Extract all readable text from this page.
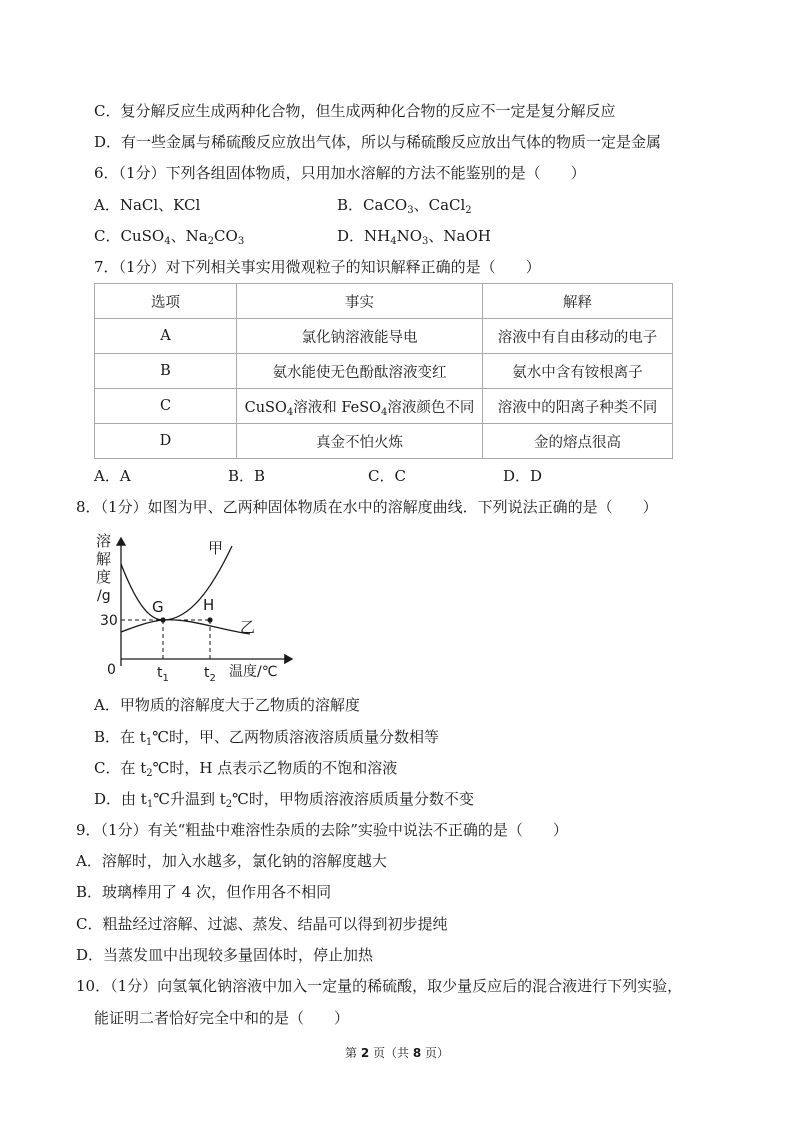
C．复分解反应生成两种化合物，但生成两种化合物的反应不一定是复分解反应
D．有一些金属与稀硫酸反应放出气体，所以与稀硫酸反应放出气体的物质一定是金属
6．（1分）下列各组固体物质，只用加水溶解的方法不能鉴别的是（　　）
A．NaCl、KCl	B．CaCO$_3$、CaCl$_2$
C．CuSO$_4$、$Na_2CO_3$	D．$NH_4NO_3$、NaOH
7．（1分）对下列相关事实用微观粒子的知识解释正确的是（　　）
选项	事实	解释
A	氯化钠溶液能导电	溶液中有自由移动的电子
B	氨水能使无色酚酞溶液变红	氨水中含有铵根离子
C	CuSO$_4$溶液和 FeSO$_4$溶液颜色不同	溶液中的阳离子种类不同
D	真金不怕火炼	金的熔点很高
A．A	B．B	C．C	D．D
8．（1分）如图为甲、乙两种固体物质在水中的溶解度曲线．下列说法正确的是（　　）
溶
解
度
/g
30
0
G	H
甲
乙
$t_1$	$t_2$ 温度/℃
A．甲物质的溶解度大于乙物质的溶解度
B．在 $t_1℃$时，甲、乙两物质溶液溶质质量分数相等
C．在 $t_2℃$时，H 点表示乙物质的不饱和溶液
D．由 $t_1℃$升温到 $t_2℃$时，甲物质溶液溶质质量分数不变
9．（1分）有关“粗盐中难溶性杂质的去除”实验中说法不正确的是（　　）
A．溶解时，加入水越多，氯化钠的溶解度越大
B．玻璃棒用了 4 次，但作用各不相同
C．粗盐经过溶解、过滤、蒸发、结晶可以得到初步提纯
D．当蒸发皿中出现较多量固体时，停止加热
10．（1分）向氢氧化钠溶液中加入一定量的稀硫酸，取少量反应后的混合液进行下列实验，
能证明二者恰好完全中和的是（　　）
第 2 页（共 8 页）
